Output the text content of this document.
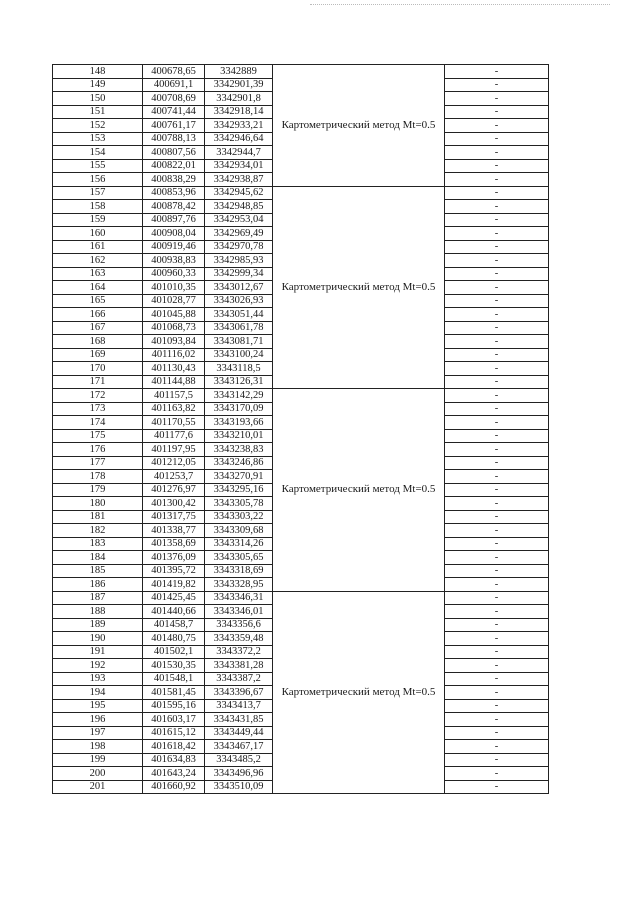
148	400678,65	3342889	Картометрический метод Mt=0.5	-
149	400691,1	3342901,39		-
150	400708,69	3342901,8		-
151	400741,44	3342918,14		-
152	400761,17	3342933,21		-
153	400788,13	3342946,64		-
154	400807,56	3342944,7		-
155	400822,01	3342934,01		-
156	400838,29	3342938,87		-
157	400853,96	3342945,62	Картометрический метод Mt=0.5	-
158	400878,42	3342948,85		-
159	400897,76	3342953,04		-
160	400908,04	3342969,49		-
161	400919,46	3342970,78		-
162	400938,83	3342985,93		-
163	400960,33	3342999,34		-
164	401010,35	3343012,67		-
165	401028,77	3343026,93		-
166	401045,88	3343051,44		-
167	401068,73	3343061,78		-
168	401093,84	3343081,71		-
169	401116,02	3343100,24		-
170	401130,43	3343118,5		-
171	401144,88	3343126,31		-
172	401157,5	3343142,29	Картометрический метод Mt=0.5	-
173	401163,82	3343170,09		-
174	401170,55	3343193,66		-
175	401177,6	3343210,01		-
176	401197,95	3343238,83		-
177	401212,05	3343246,86		-
178	401253,7	3343270,91		-
179	401276,97	3343295,16		-
180	401300,42	3343305,78		-
181	401317,75	3343303,22		-
182	401338,77	3343309,68		-
183	401358,69	3343314,26		-
184	401376,09	3343305,65		-
185	401395,72	3343318,69		-
186	401419,82	3343328,95		-
187	401425,45	3343346,31	Картометрический метод Mt=0.5	-
188	401440,66	3343346,01		-
189	401458,7	3343356,6		-
190	401480,75	3343359,48		-
191	401502,1	3343372,2		-
192	401530,35	3343381,28		-
193	401548,1	3343387,2		-
194	401581,45	3343396,67		-
195	401595,16	3343413,7		-
196	401603,17	3343431,85		-
197	401615,12	3343449,44		-
198	401618,42	3343467,17		-
199	401634,83	3343485,2		-
200	401643,24	3343496,96		-
201	401660,92	3343510,09		-
